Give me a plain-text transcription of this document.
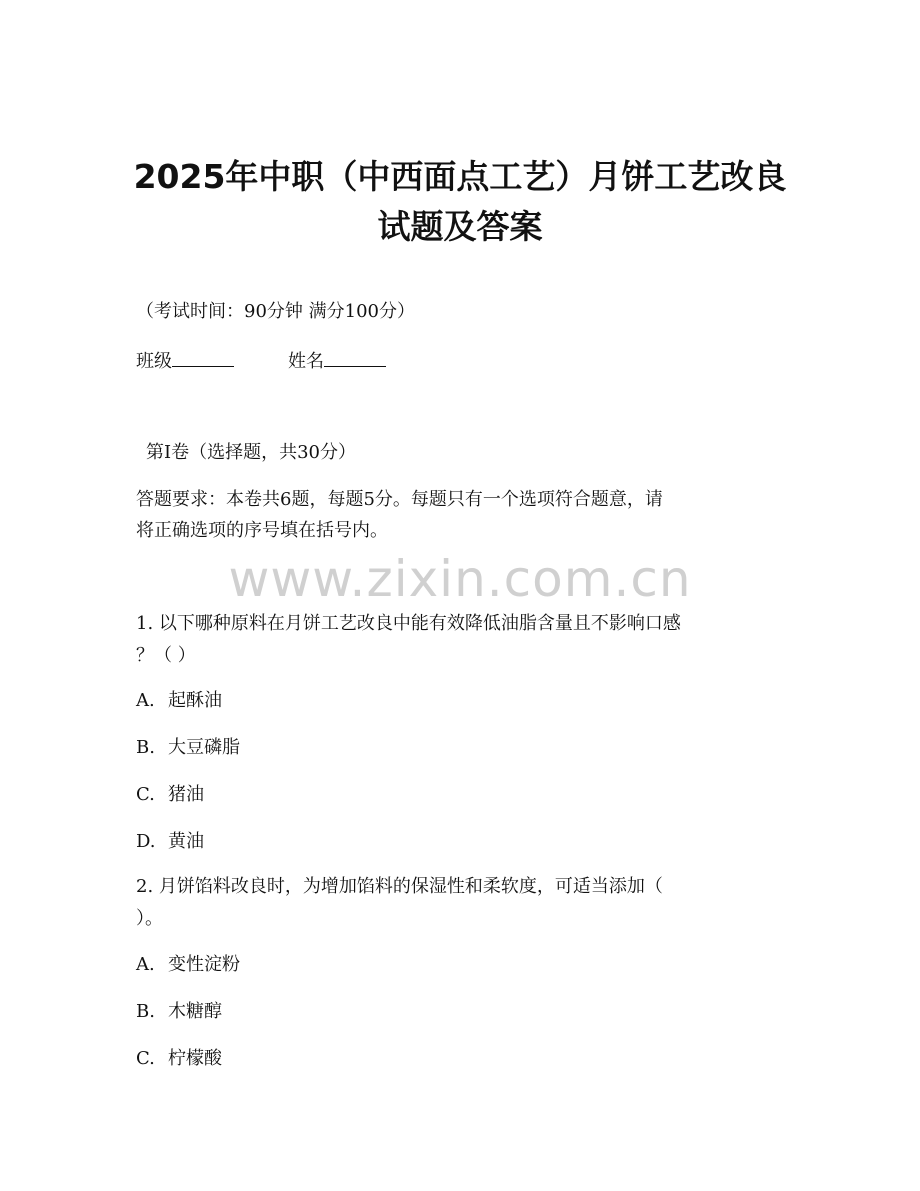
2025年中职（中西面点工艺）月饼工艺改良
试题及答案

（考试时间：90分钟 满分100分）

班级	姓名

第I卷（选择题，共30分）

答题要求：本卷共6题，每题5分。每题只有一个选项符合题意，请

将正确选项的序号填在括号内。

www.zixin.com.cn

1. 以下哪种原料在月饼工艺改良中能有效降低油脂含量且不影响口感

？（ ）

A. 起酥油

B. 大豆磷脂

C. 猪油

D. 黄油

2. 月饼馅料改良时，为增加馅料的保湿性和柔软度，可适当添加（

）。

A. 变性淀粉

B. 木糖醇

C. 柠檬酸
